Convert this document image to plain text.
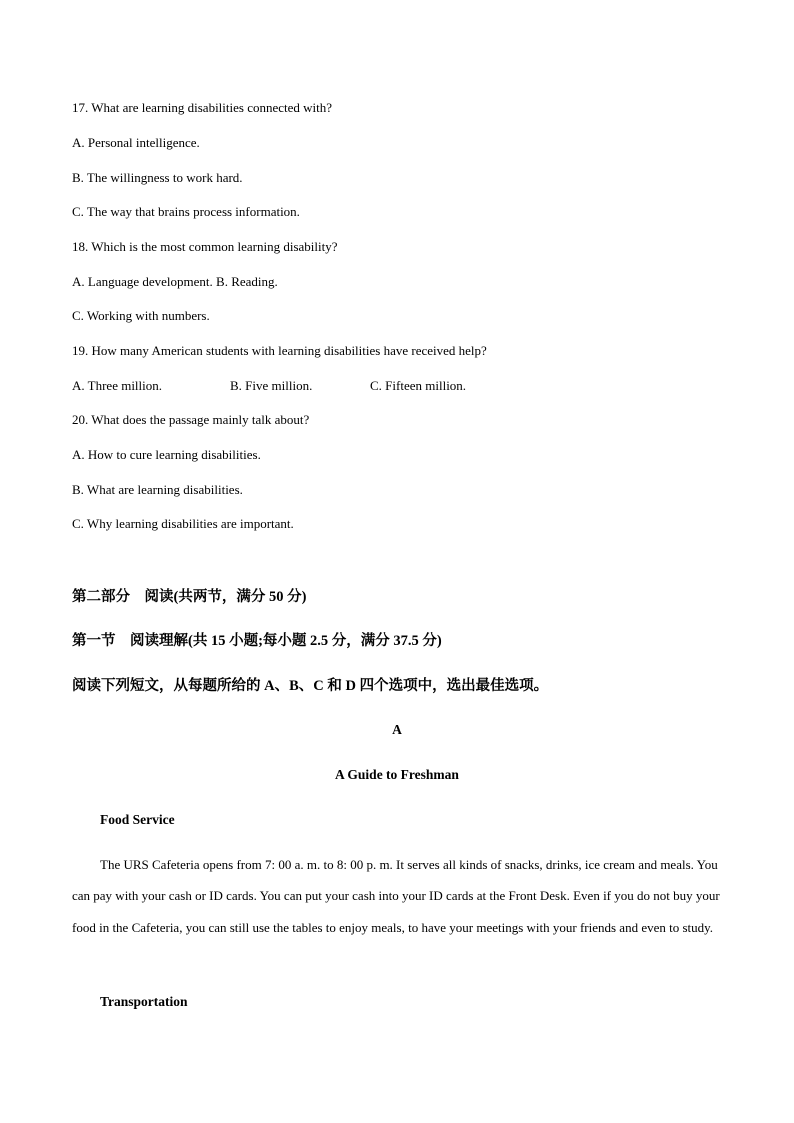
17. What are learning disabilities connected with?
A. Personal intelligence.
B. The willingness to work hard.
C. The way that brains process information.
18. Which is the most common learning disability?
A. Language development. B. Reading.
C. Working with numbers.
19. How many American students with learning disabilities have received help?
A. Three million.	B. Five million.	C. Fifteen million.
20. What does the passage mainly talk about?
A. How to cure learning disabilities.
B. What are learning disabilities.
C. Why learning disabilities are important.
第二部分　阅读(共两节，满分 50 分)
第一节　阅读理解(共 15 小题;每小题 2.5 分，满分 37.5 分)
阅读下列短文，从每题所给的 A、B、C 和 D 四个选项中，选出最佳选项。
A
A Guide to Freshman
Food Service
The URS Cafeteria opens from 7: 00 a. m. to 8: 00 p. m. It serves all kinds of snacks, drinks, ice cream and meals. You can pay with your cash or ID cards. You can put your cash into your ID cards at the Front Desk. Even if you do not buy your food in the Cafeteria, you can still use the tables to enjoy meals, to have your meetings with your friends and even to study.
Transportation
